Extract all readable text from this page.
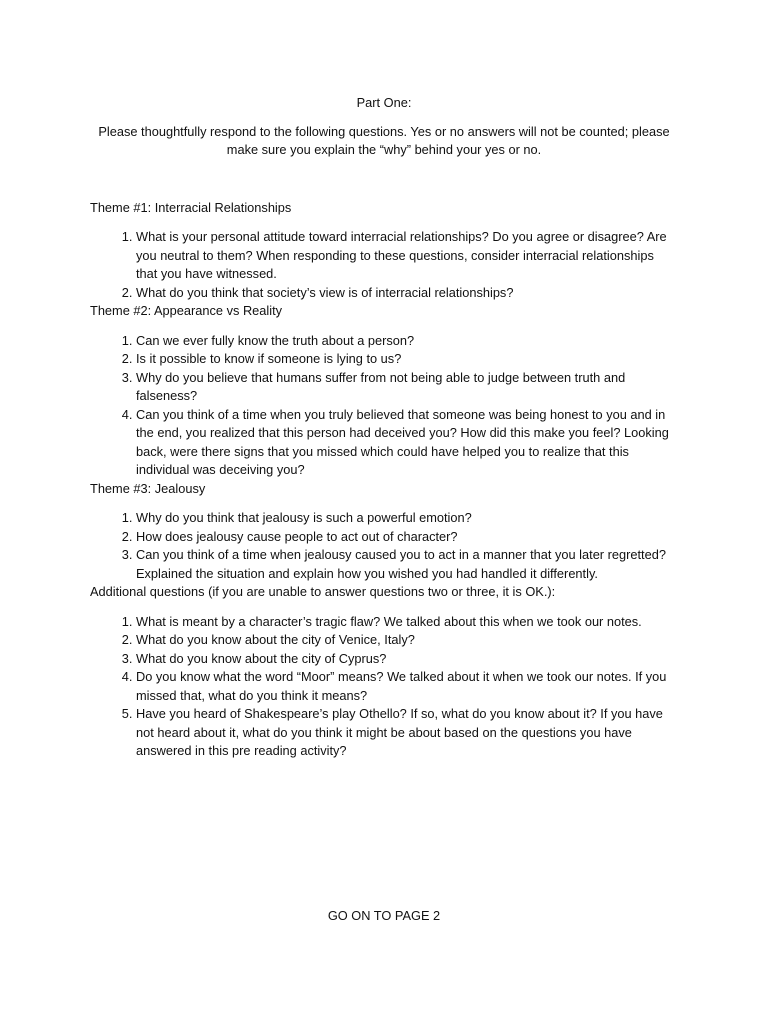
Part One:

Please thoughtfully respond to the following questions. Yes or no answers will not be counted; please make sure you explain the “why” behind your yes or no.

Theme #1: Interracial Relationships

1. What is your personal attitude toward interracial relationships? Do you agree or disagree? Are you neutral to them? When responding to these questions, consider interracial relationships that you have witnessed.
2. What do you think that society’s view is of interracial relationships?

Theme #2: Appearance vs Reality

1. Can we ever fully know the truth about a person?
2. Is it possible to know if someone is lying to us?
3. Why do you believe that humans suffer from not being able to judge between truth and falseness?
4. Can you think of a time when you truly believed that someone was being honest to you and in the end, you realized that this person had deceived you? How did this make you feel? Looking back, were there signs that you missed which could have helped you to realize that this individual was deceiving you?

Theme #3: Jealousy

1. Why do you think that jealousy is such a powerful emotion?
2. How does jealousy cause people to act out of character?
3. Can you think of a time when jealousy caused you to act in a manner that you later regretted? Explained the situation and explain how you wished you had handled it differently.

Additional questions (if you are unable to answer questions two or three, it is OK.):

1. What is meant by a character’s tragic flaw? We talked about this when we took our notes.
2. What do you know about the city of Venice, Italy?
3. What do you know about the city of Cyprus?
4. Do you know what the word “Moor” means? We talked about it when we took our notes. If you missed that, what do you think it means?
5. Have you heard of Shakespeare’s play Othello? If so, what do you know about it? If you have not heard about it, what do you think it might be about based on the questions you have answered in this pre reading activity?

GO ON TO PAGE 2
